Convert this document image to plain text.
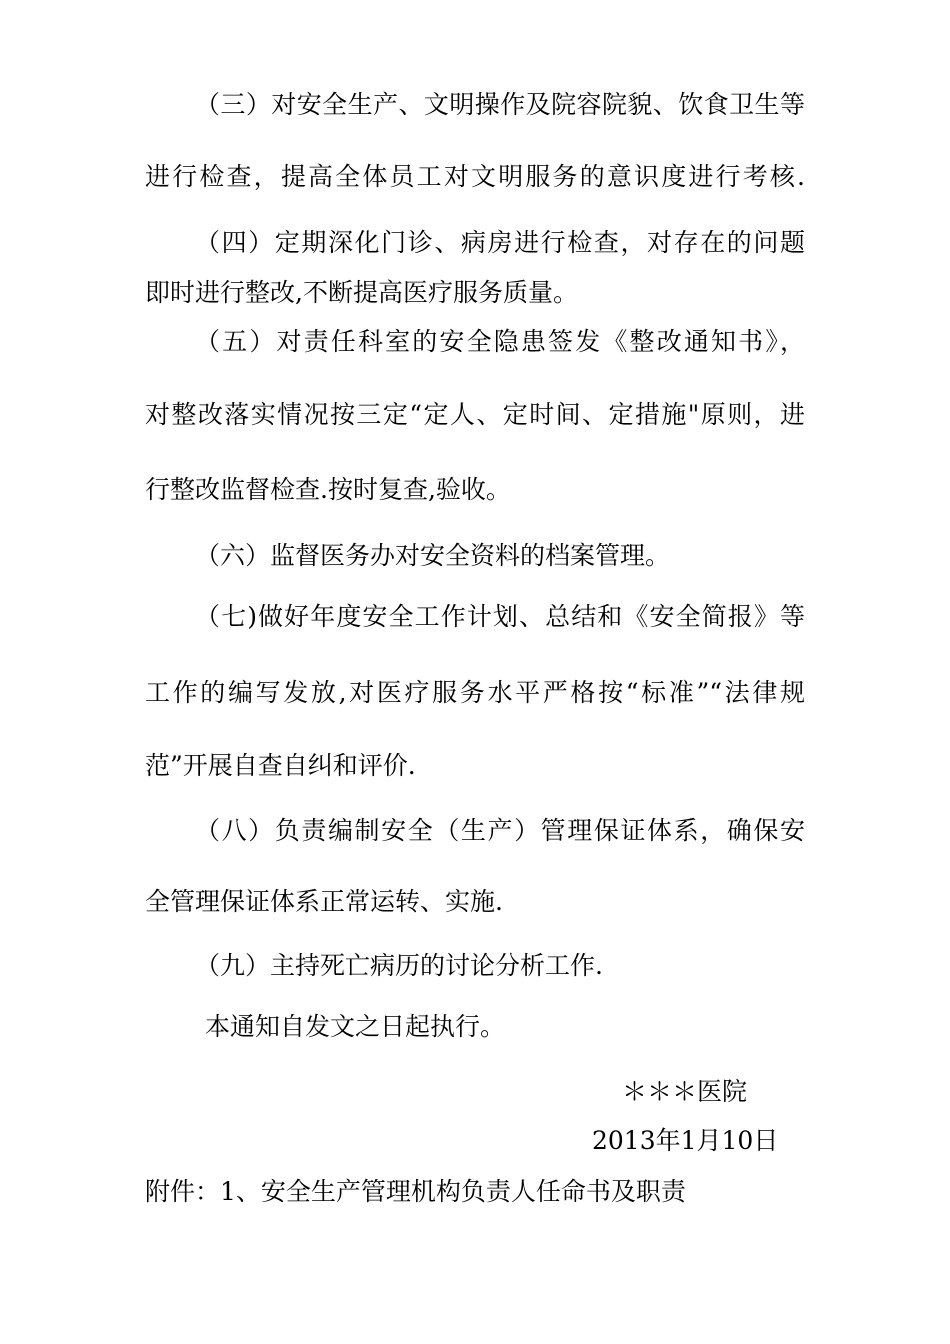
（三）对安全生产、文明操作及院容院貌、饮食卫生等
进行检查，提高全体员工对文明服务的意识度进行考核.
（四）定期深化门诊、病房进行检查，对存在的问题
即时进行整改,不断提高医疗服务质量。
（五）对责任科室的安全隐患签发《整改通知书》，
对整改落实情况按三定“定人、定时间、定措施"原则，进
行整改监督检查.按时复查,验收。
（六）监督医务办对安全资料的档案管理。
（七)做好年度安全工作计划、总结和《安全简报》等
工作的编写发放,对医疗服务水平严格按“标准”“法律规
范”开展自查自纠和评价.
（八）负责编制安全（生产）管理保证体系，确保安
全管理保证体系正常运转、实施.
（九）主持死亡病历的讨论分析工作.
本通知自发文之日起执行。
＊＊＊医院
2013年1月10日
附件：1、安全生产管理机构负责人任命书及职责
